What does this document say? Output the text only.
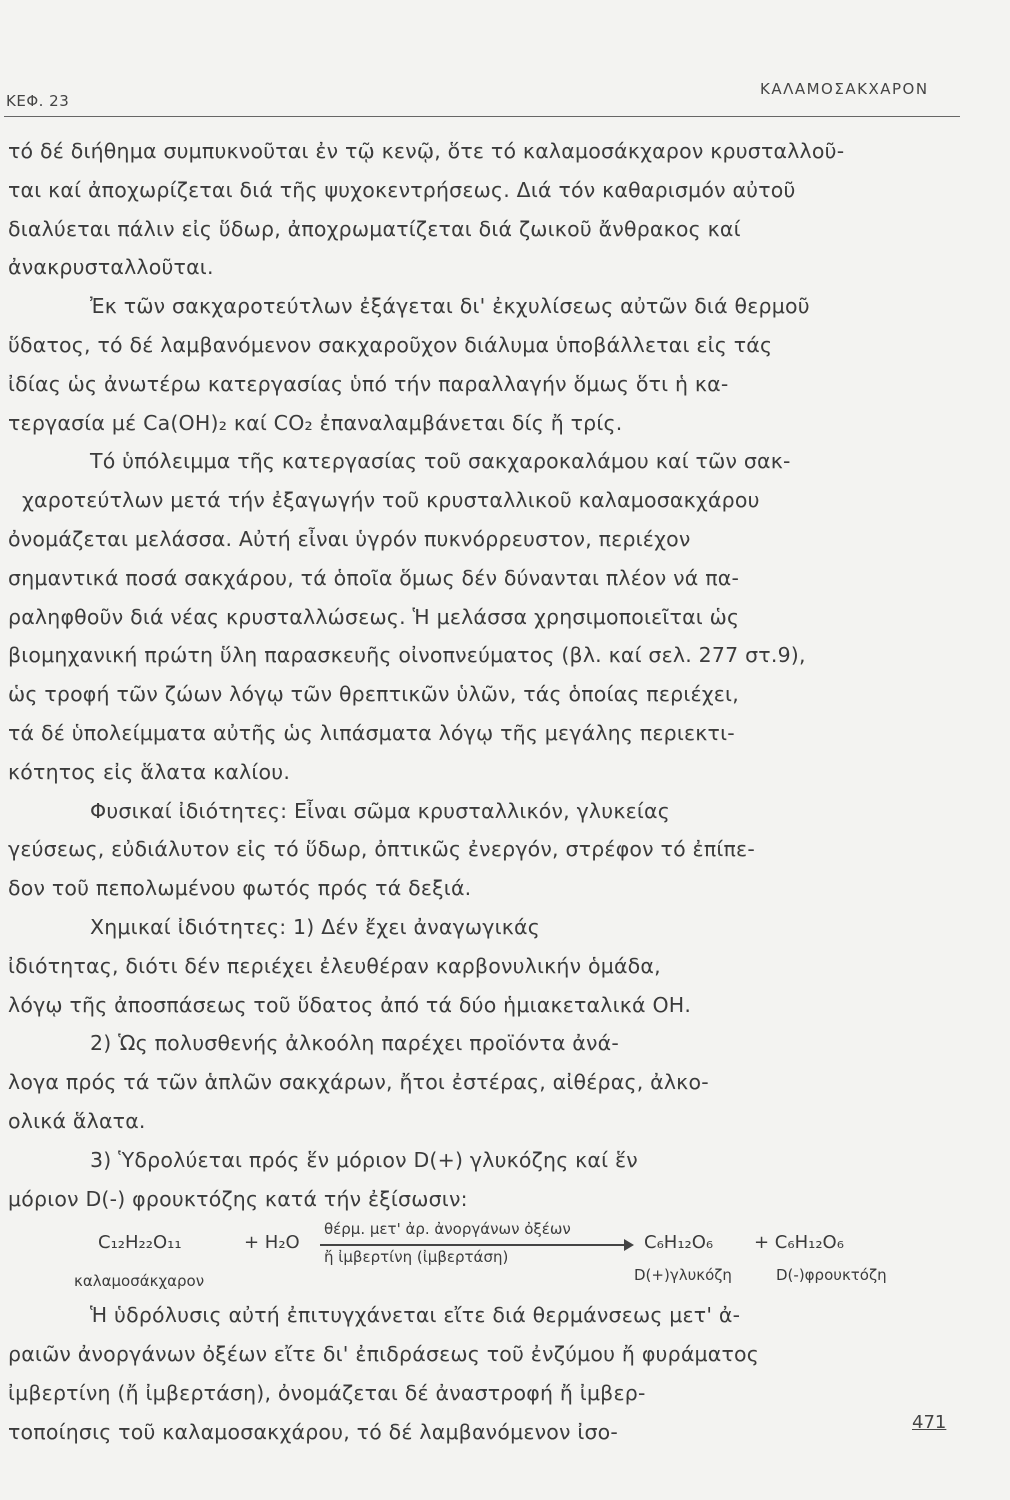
ΚΕΦ. 23
ΚΑΛΑΜΟΣΑΚΧΑΡΟΝ
τό δέ διήθημα συμπυκνοῦται ἐν τῷ κενῷ, ὅτε τό καλαμοσάκχαρον κρυσταλλοῦ-
ται καί ἀποχωρίζεται διά τῆς ψυχοκεντρήσεως. Διά τόν καθαρισμόν αὐτοῦ
διαλύεται πάλιν εἰς ὕδωρ, ἀποχρωματίζεται διά ζωικοῦ ἄνθρακος καί
ἀνακρυσταλλοῦται.
Ἐκ τῶν σακχαροτεύτλων ἐξάγεται δι' ἐκχυλίσεως αὐτῶν διά θερμοῦ
ὕδατος, τό δέ λαμβανόμενον σακχαροῦχον διάλυμα ὑποβάλλεται εἰς τάς
ἰδίας ὡς ἀνωτέρω κατεργασίας ὑπό τήν παραλλαγήν ὅμως ὅτι ἡ κα-
τεργασία μέ Ca(OH)₂ καί CO₂ ἐπαναλαμβάνεται δίς ἤ τρίς.
Τό ὑπόλειμμα τῆς κατεργασίας τοῦ σακχαροκαλάμου καί τῶν σακ-
χαροτεύτλων μετά τήν ἐξαγωγήν τοῦ κρυσταλλικοῦ καλαμοσακχάρου
ὀνομάζεται μελάσσα. Αὐτή εἶναι ὑγρόν πυκνόρρευστον, περιέχον
σημαντικά ποσά σακχάρου, τά ὁποῖα ὅμως δέν δύνανται πλέον νά πα-
ραληφθοῦν διά νέας κρυσταλλώσεως. Ἡ μελάσσα χρησιμοποιεῖται ὡς
βιομηχανική πρώτη ὕλη παρασκευῆς οἰνοπνεύματος (βλ. καί σελ. 277 στ.9),
ὡς τροφή τῶν ζώων λόγῳ τῶν θρεπτικῶν ὑλῶν, τάς ὁποίας περιέχει,
τά δέ ὑπολείμματα αὐτῆς ὡς λιπάσματα λόγῳ τῆς μεγάλης περιεκτι-
κότητος εἰς ἅλατα καλίου.
Φυσικαί ἰδιότητες: Εἶναι σῶμα κρυσταλλικόν, γλυκείας
γεύσεως, εὐδιάλυτον εἰς τό ὕδωρ, ὀπτικῶς ἐνεργόν, στρέφον τό ἐπίπε-
δον τοῦ πεπολωμένου φωτός πρός τά δεξιά.
Χημικαί ἰδιότητες: 1) Δέν ἔχει ἀναγωγικάς
ἰδιότητας, διότι δέν περιέχει ἐλευθέραν καρβονυλικήν ὁμάδα,
λόγῳ τῆς ἀποσπάσεως τοῦ ὕδατος ἀπό τά δύο ἡμιακεταλικά ΟΗ.
2) Ὡς πολυσθενής ἀλκοόλη παρέχει προϊόντα ἀνά-
λογα πρός τά τῶν ἁπλῶν σακχάρων, ἤτοι ἐστέρας, αἰθέρας, ἀλκο-
ολικά ἅλατα.
3) Ὑδρολύεται πρός ἕν μόριον D(+) γλυκόζης καί ἕν
μόριον D(-) φρουκτόζης κατά τήν ἐξίσωσιν:
C₁₂H₂₂O₁₁	+ H₂O
θέρμ. μετ' ἀρ. ἀνοργάνων ὀξέων
ἤ ἰμβερτίνη (ἰμβερτάση)
C₆H₁₂O₆ + C₆H₁₂O₆
καλαμοσάκχαρον	D(+)γλυκόζη	D(-)φρουκτόζη
Ἡ ὑδρόλυσις αὐτή ἐπιτυγχάνεται εἴτε διά θερμάνσεως μετ' ἀ-
ραιῶν ἀνοργάνων ὀξέων εἴτε δι' ἐπιδράσεως τοῦ ἐνζύμου ἤ φυράματος
ἰμβερτίνη (ἤ ἰμβερτάση), ὀνομάζεται δέ ἀναστροφή ἤ ἰμβερ-
τοποίησις τοῦ καλαμοσακχάρου, τό δέ λαμβανόμενον ἰσο-	471
